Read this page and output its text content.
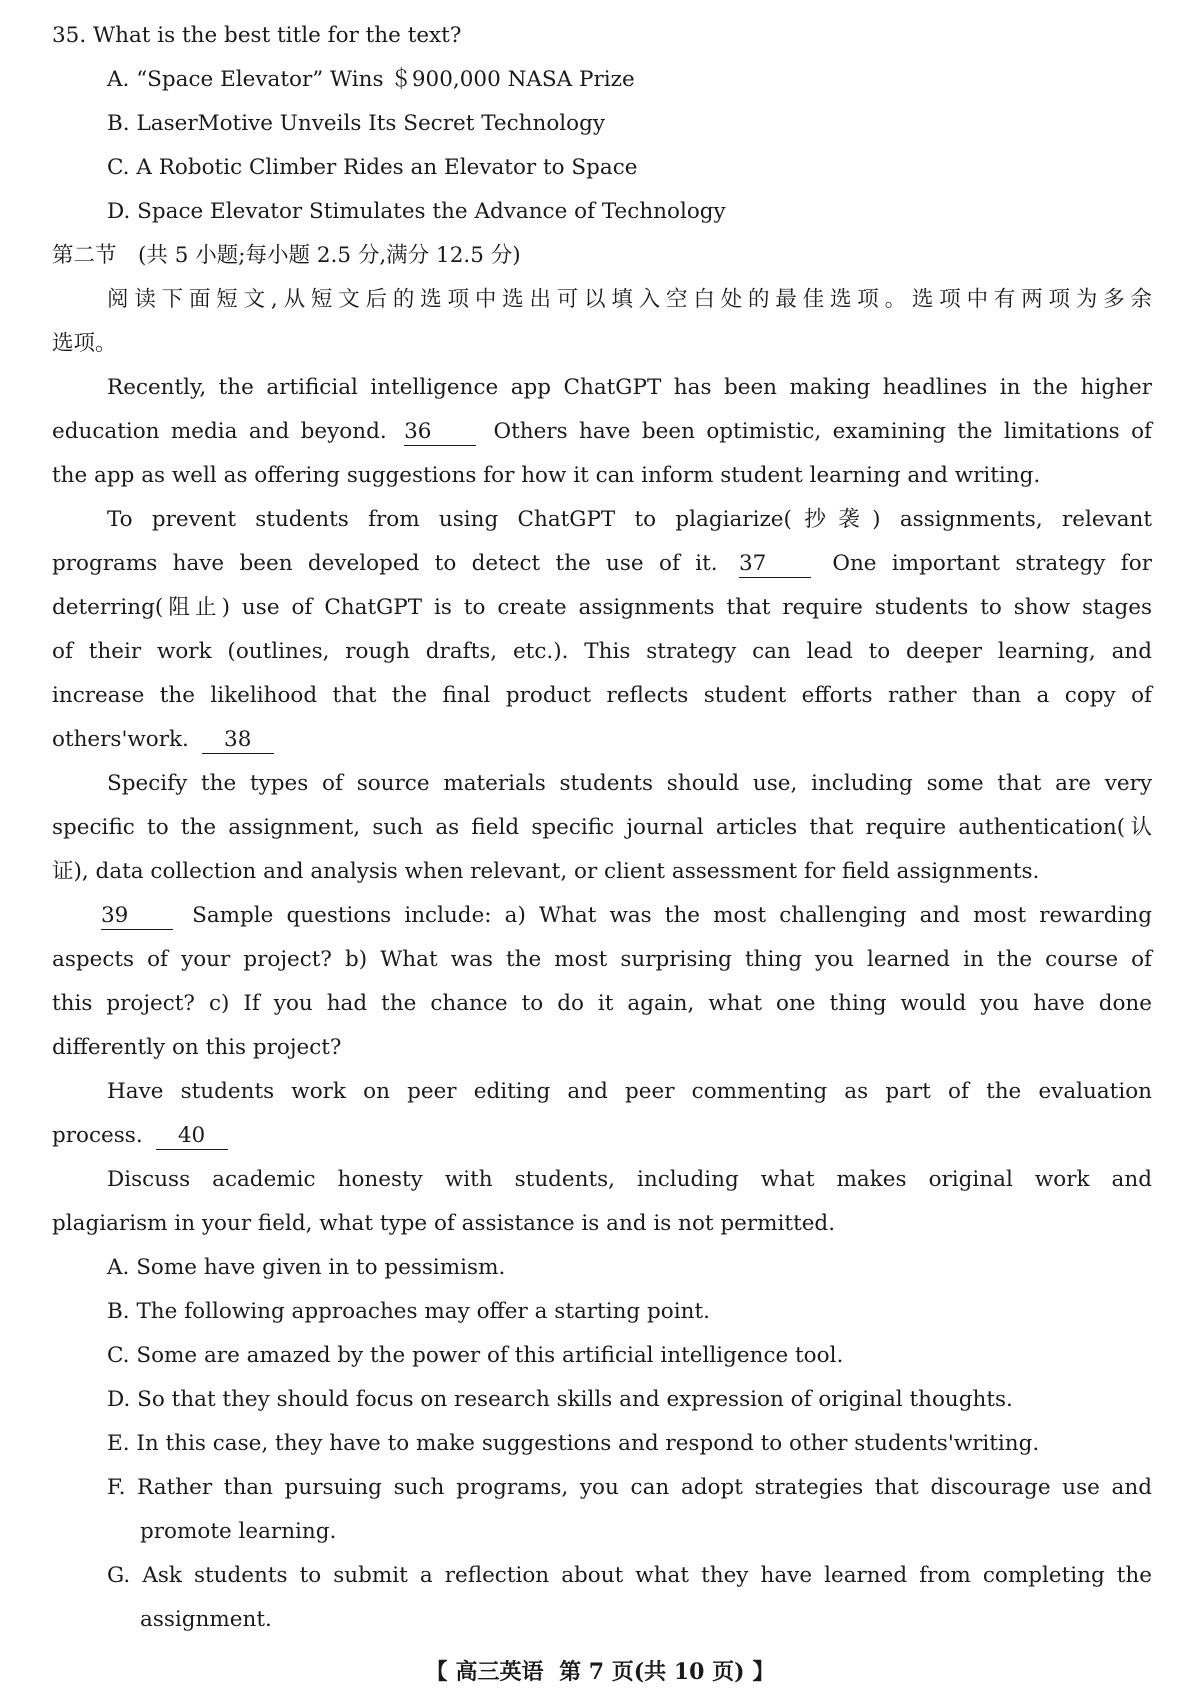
35. What is the best title for the text?
A. “Space Elevator” Wins ＄900,000 NASA Prize
B. LaserMotive Unveils Its Secret Technology
C. A Robotic Climber Rides an Elevator to Space
D. Space Elevator Stimulates the Advance of Technology
第二节　(共 5 小题;每小题 2.5 分,满分 12.5 分)
阅读下面短文,从短文后的选项中选出可以填入空白处的最佳选项。选项中有两项为多余
选项。
Recently, the artificial intelligence app ChatGPT has been making headlines in the higher
education media and beyond. 36	Others have been optimistic, examining the limitations of
the app as well as offering suggestions for how it can inform student learning and writing.
To prevent students from using ChatGPT to plagiarize(抄袭) assignments, relevant
programs have been developed to detect the use of it. 37	One important strategy for
deterring(阻止) use of ChatGPT is to create assignments that require students to show stages
of their work (outlines, rough drafts, etc.). This strategy can lead to deeper learning, and
increase the likelihood that the final product reflects student efforts rather than a copy of
others'work. 38
Specify the types of source materials students should use, including some that are very
specific to the assignment, such as field specific journal articles that require authentication(认
证), data collection and analysis when relevant, or client assessment for field assignments.
39	Sample questions include: a) What was the most challenging and most rewarding
aspects of your project? b) What was the most surprising thing you learned in the course of
this project? c) If you had the chance to do it again, what one thing would you have done
differently on this project?
Have students work on peer editing and peer commenting as part of the evaluation
process. 40
Discuss academic honesty with students, including what makes original work and
plagiarism in your field, what type of assistance is and is not permitted.
A. Some have given in to pessimism.
B. The following approaches may offer a starting point.
C. Some are amazed by the power of this artificial intelligence tool.
D. So that they should focus on research skills and expression of original thoughts.
E. In this case, they have to make suggestions and respond to other students'writing.
F. Rather than pursuing such programs, you can adopt strategies that discourage use and
promote learning.
G. Ask students to submit a reflection about what they have learned from completing the
assignment.
【 高三英语 第 7 页(共 10 页) 】
